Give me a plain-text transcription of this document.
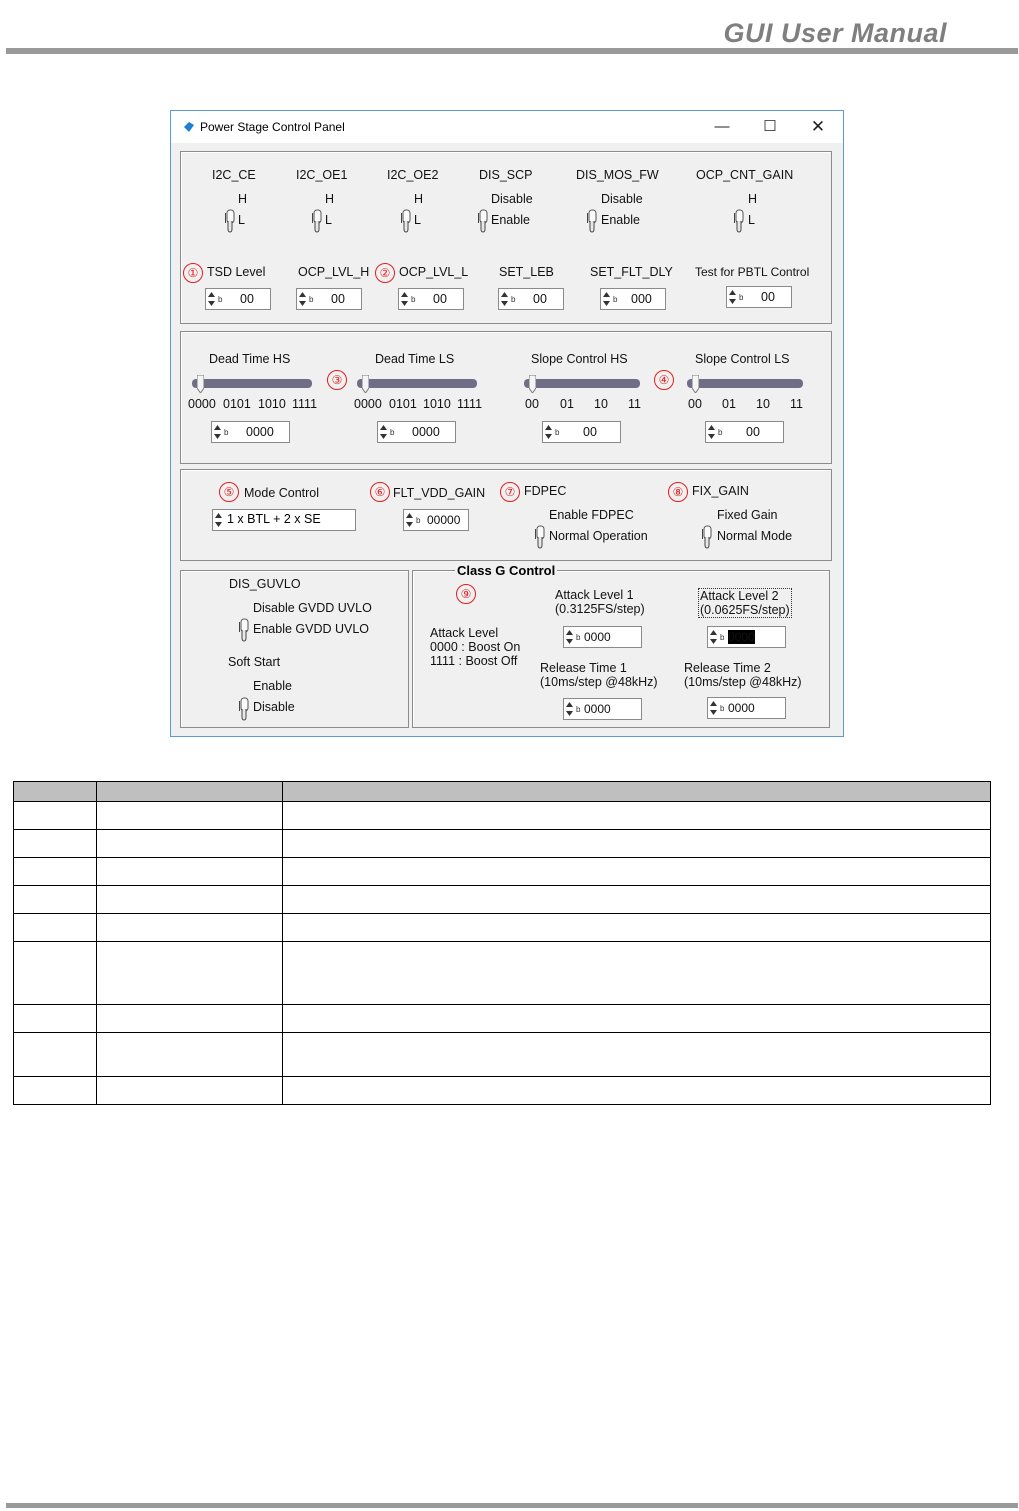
GUI User Manual
Power Stage Control Panel	—	☐	✕
I2C_CE
H
L
I2C_OE1
H
L
I2C_OE2
H
L
DIS_SCP
Disable
Enable
DIS_MOS_FW
Disable
Enable
OCP_CNT_GAIN
H
L
① TSD Level
b 00
OCP_LVL_H
b 00
② OCP_LVL_L
b 00
SET_LEB
b 00
SET_FLT_DLY
b 000
Test for PBTL Control
b 00
Dead Time HS
0000 0101 1010 1111
b 0000
③
Dead Time LS
0000 0101 1010 1111
b 0000
Slope Control HS
00 01 10 11
b 00
④
Slope Control LS
00 01 10 11
b 00
⑤ Mode Control
1 x BTL + 2 x SE
⑥ FLT_VDD_GAIN
b 00000
⑦ FDPEC
Enable FDPEC
Normal Operation
⑧ FIX_GAIN
Fixed Gain
Normal Mode
DIS_GUVLO
Disable GVDD UVLO
Enable GVDD UVLO
Soft Start
Enable
Disable
Class G Control
⑨
Attack Level
0000 : Boost On
1111 : Boost Off
Attack Level 1
(0.3125FS/step)
b 0000
Attack Level 2
(0.0625FS/step)
b 0000
Release Time 1
(10ms/step @48kHz)
b 0000
Release Time 2
(10ms/step @48kHz)
b 0000
